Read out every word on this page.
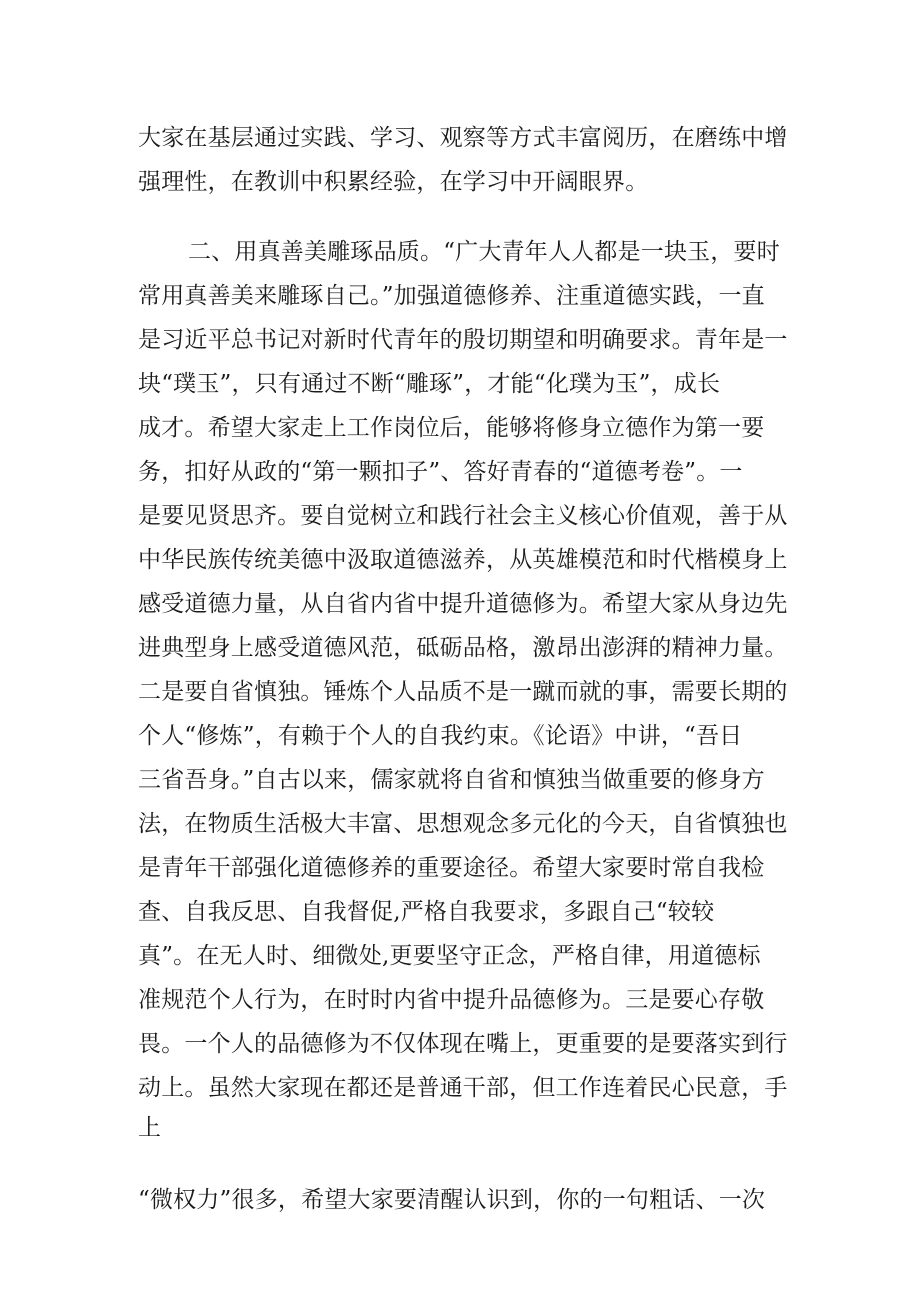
大家在基层通过实践、学习、观察等方式丰富阅历，在磨练中增
强理性，在教训中积累经验，在学习中开阔眼界。
二、用真善美雕琢品质。“广大青年人人都是一块玉，要时
常用真善美来雕琢自己。”加强道德修养、注重道德实践，一直
是习近平总书记对新时代青年的殷切期望和明确要求。青年是一
块“璞玉”，只有通过不断“雕琢”，才能“化璞为玉”，成长
成才。希望大家走上工作岗位后，能够将修身立德作为第一要
务，扣好从政的“第一颗扣子”、答好青春的“道德考卷”。一
是要见贤思齐。要自觉树立和践行社会主义核心价值观，善于从
中华民族传统美德中汲取道德滋养，从英雄模范和时代楷模身上
感受道德力量，从自省内省中提升道德修为。希望大家从身边先
进典型身上感受道德风范，砥砺品格，激昂出澎湃的精神力量。
二是要自省慎独。锤炼个人品质不是一蹴而就的事，需要长期的
个人“修炼”，有赖于个人的自我约束。《论语》中讲，“吾日
三省吾身。”自古以来，儒家就将自省和慎独当做重要的修身方
法，在物质生活极大丰富、思想观念多元化的今天，自省慎独也
是青年干部强化道德修养的重要途径。希望大家要时常自我检
查、自我反思、自我督促,严格自我要求，多跟自己“较较
真”。在无人时、细微处,更要坚守正念，严格自律，用道德标
准规范个人行为，在时时内省中提升品德修为。三是要心存敬
畏。一个人的品德修为不仅体现在嘴上，更重要的是要落实到行
动上。虽然大家现在都还是普通干部，但工作连着民心民意，手
上
“微权力”很多，希望大家要清醒认识到，你的一句粗话、一次
